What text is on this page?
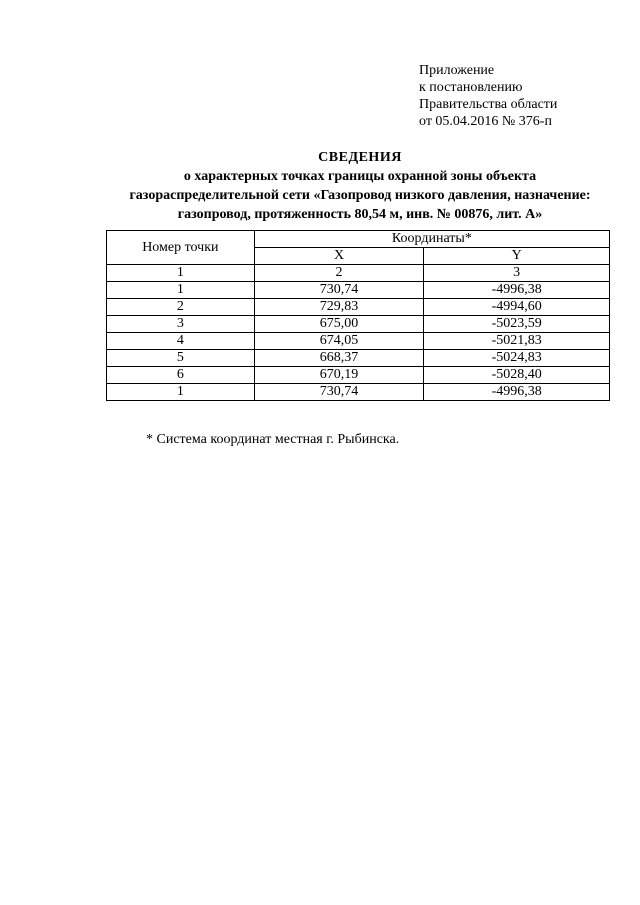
Приложение
к постановлению
Правительства области
от 05.04.2016 № 376-п
СВЕДЕНИЯ
о характерных точках границы охранной зоны объекта
газораспределительной сети «Газопровод низкого давления, назначение:
газопровод, протяженность 80,54 м, инв. № 00876, лит. А»
Номер точки	Координаты*	
	X	Y
1	2	3
1	730,74	-4996,38
2	729,83	-4994,60
3	675,00	-5023,59
4	674,05	-5021,83
5	668,37	-5024,83
6	670,19	-5028,40
1	730,74	-4996,38
* Система координат местная г. Рыбинска.
